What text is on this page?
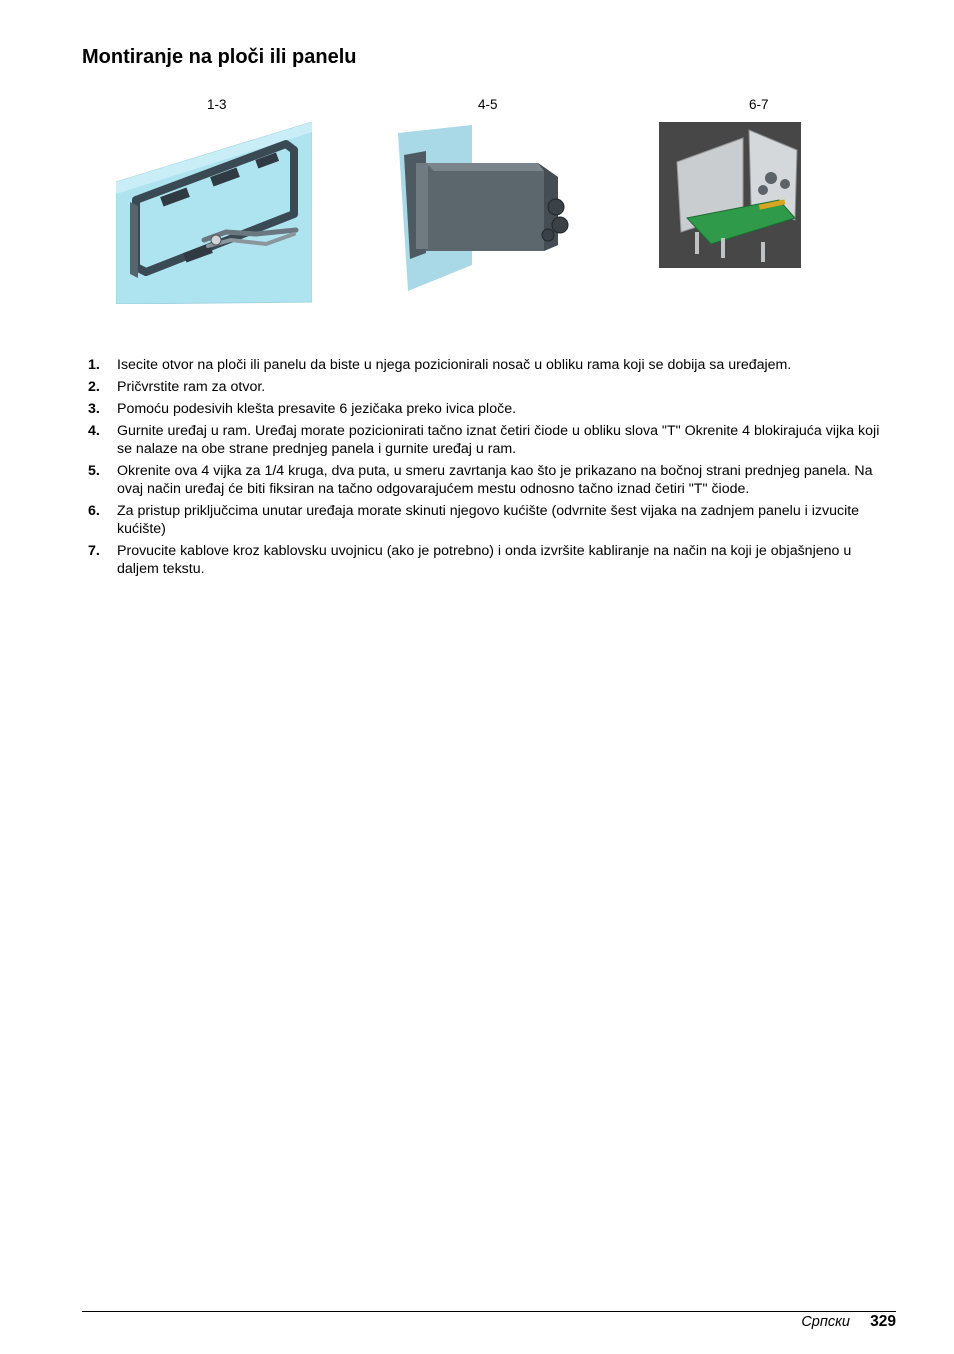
Montiranje na ploči ili panelu
1-3	4-5	6-7
1.	Isecite otvor na ploči ili panelu da biste u njega pozicionirali nosač u obliku rama koji se dobija sa uređajem.
2.	Pričvrstite ram za otvor.
3.	Pomoću podesivih klešta presavite 6 jezičaka preko ivica ploče.
4.	Gurnite uređaj u ram. Uređaj morate pozicionirati tačno iznat četiri čiode u obliku slova "T" Okrenite 4 blokirajuća vijka koji se nalaze na obe strane prednjeg panela i gurnite uređaj u ram.
5.	Okrenite ova 4 vijka za 1/4 kruga, dva puta, u smeru zavrtanja kao što je prikazano na bočnoj strani prednjeg panela. Na ovaj način uređaj će biti fiksiran na tačno odgovarajućem mestu odnosno tačno iznad četiri "T" čiode.
6.	Za pristup priključcima unutar uređaja morate skinuti njegovo kućište (odvrnite šest vijaka na zadnjem panelu i izvucite kućište)
7.	Provucite kablove kroz kablovsku uvojnicu (ako je potrebno) i onda izvršite kabliranje na način na koji je objašnjeno u daljem tekstu.
Српски 329
